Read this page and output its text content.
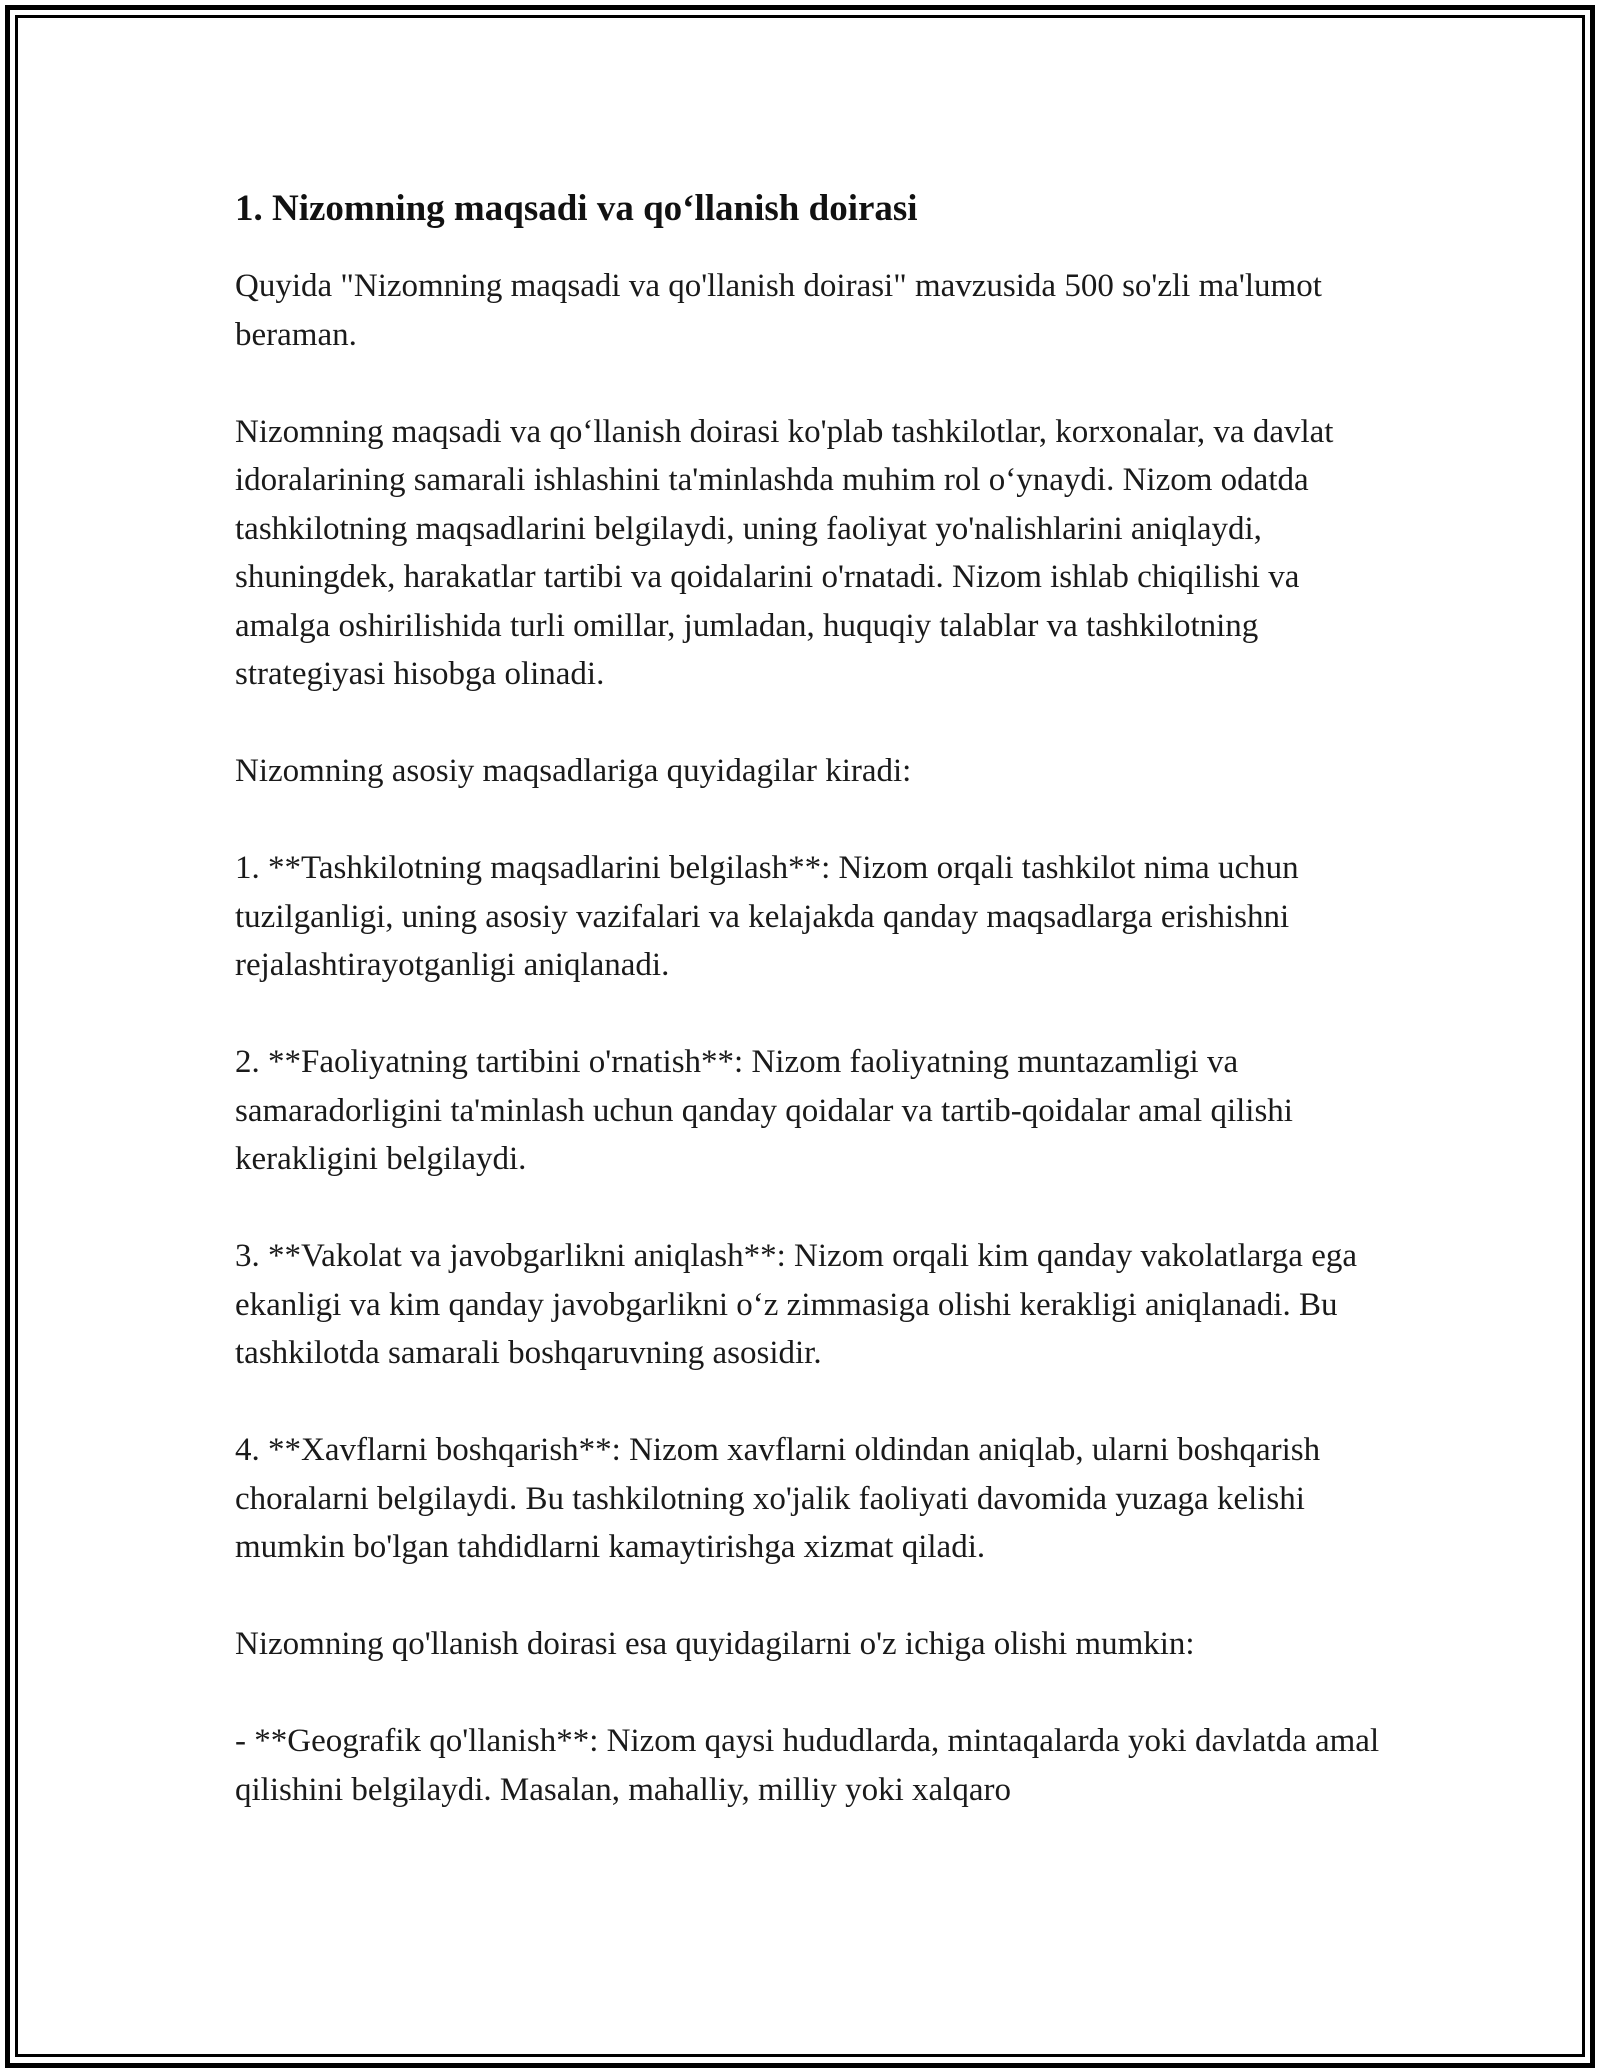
1. Nizomning maqsadi va qo‘llanish doirasi

Quyida "Nizomning maqsadi va qo'llanish doirasi" mavzusida 500 so'zli ma'lumot beraman.

Nizomning maqsadi va qo‘llanish doirasi ko'plab tashkilotlar, korxonalar, va davlat idoralarining samarali ishlashini ta'minlashda muhim rol o‘ynaydi. Nizom odatda tashkilotning maqsadlarini belgilaydi, uning faoliyat yo'nalishlarini aniqlaydi, shuningdek, harakatlar tartibi va qoidalarini o'rnatadi. Nizom ishlab chiqilishi va amalga oshirilishida turli omillar, jumladan, huquqiy talablar va tashkilotning strategiyasi hisobga olinadi.

Nizomning asosiy maqsadlariga quyidagilar kiradi:

1. **Tashkilotning maqsadlarini belgilash**: Nizom orqali tashkilot nima uchun tuzilganligi, uning asosiy vazifalari va kelajakda qanday maqsadlarga erishishni rejalashtirayotganligi aniqlanadi.

2. **Faoliyatning tartibini o'rnatish**: Nizom faoliyatning muntazamligi va samaradorligini ta'minlash uchun qanday qoidalar va tartib-qoidalar amal qilishi kerakligini belgilaydi.

3. **Vakolat va javobgarlikni aniqlash**: Nizom orqali kim qanday vakolatlarga ega ekanligi va kim qanday javobgarlikni o‘z zimmasiga olishi kerakligi aniqlanadi. Bu tashkilotda samarali boshqaruvning asosidir.

4. **Xavflarni boshqarish**: Nizom xavflarni oldindan aniqlab, ularni boshqarish choralarni belgilaydi. Bu tashkilotning xo'jalik faoliyati davomida yuzaga kelishi mumkin bo'lgan tahdidlarni kamaytirishga xizmat qiladi.

Nizomning qo'llanish doirasi esa quyidagilarni o'z ichiga olishi mumkin:

- **Geografik qo'llanish**: Nizom qaysi hududlarda, mintaqalarda yoki davlatda amal qilishini belgilaydi. Masalan, mahalliy, milliy yoki xalqaro
